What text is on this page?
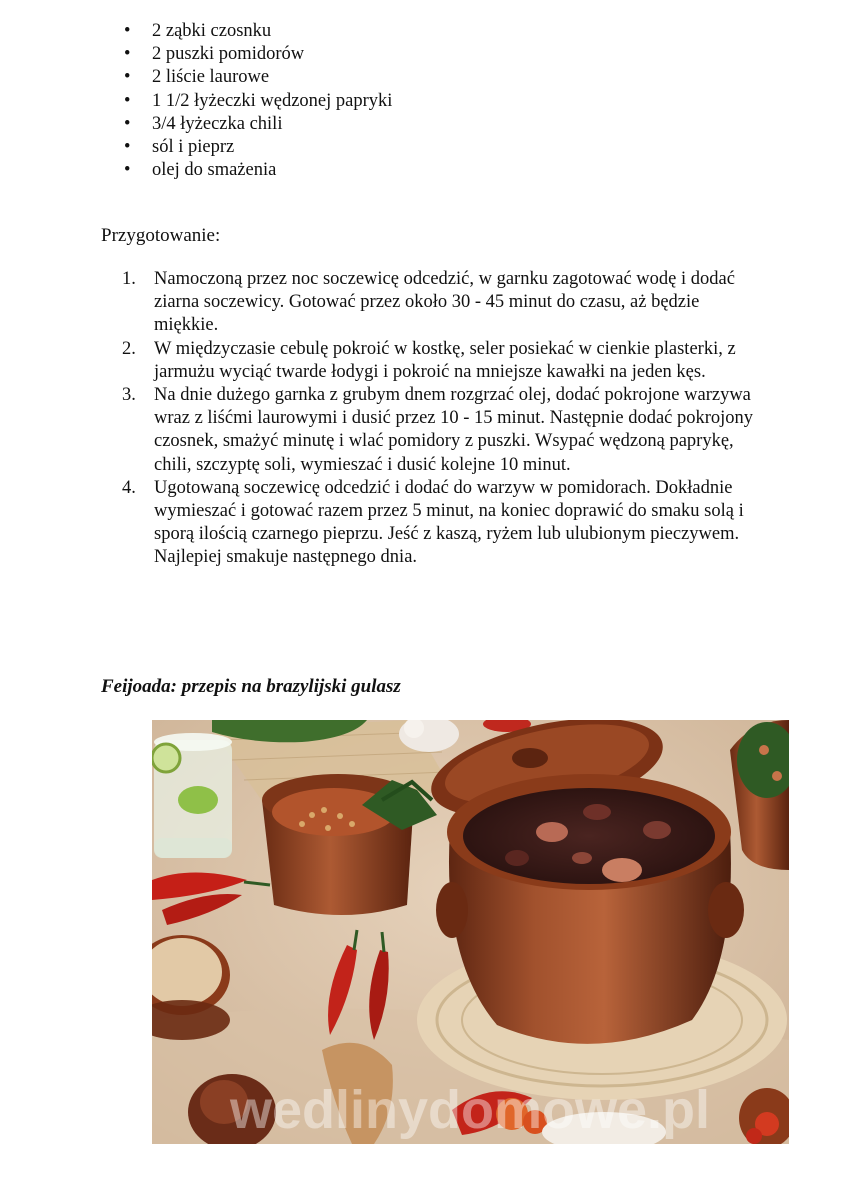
• 2 ząbki czosnku
• 2 puszki pomidorów
• 2 liście laurowe
• 1 1/2 łyżeczki wędzonej papryki
• 3/4 łyżeczka chili
• sól i pieprz
• olej do smażenia

Przygotowanie:

1. Namoczoną przez noc soczewicę odcedzić, w garnku zagotować wodę i dodać ziarna soczewicy. Gotować przez około 30 - 45 minut do czasu, aż będzie miękkie.
2. W międzyczasie cebulę pokroić w kostkę, seler posiekać w cienkie plasterki, z jarmużu wyciąć twarde łodygi i pokroić na mniejsze kawałki na jeden kęs.
3. Na dnie dużego garnka z grubym dnem rozgrzać olej, dodać pokrojone warzywa wraz z liśćmi laurowymi i dusić przez 10 - 15 minut. Następnie dodać pokrojony czosnek, smażyć minutę i wlać pomidory z puszki. Wsypać wędzoną paprykę, chili, szczyptę soli, wymieszać i dusić kolejne 10 minut.
4. Ugotowaną soczewicę odcedzić i dodać do warzyw w pomidorach. Dokładnie wymieszać i gotować razem przez 5 minut, na koniec doprawić do smaku solą i sporą ilością czarnego pieprzu. Jeść z kaszą, ryżem lub ulubionym pieczywem. Najlepiej smakuje następnego dnia.

Feijoada: przepis na brazylijski gulasz

wedlinydomowe.pl
